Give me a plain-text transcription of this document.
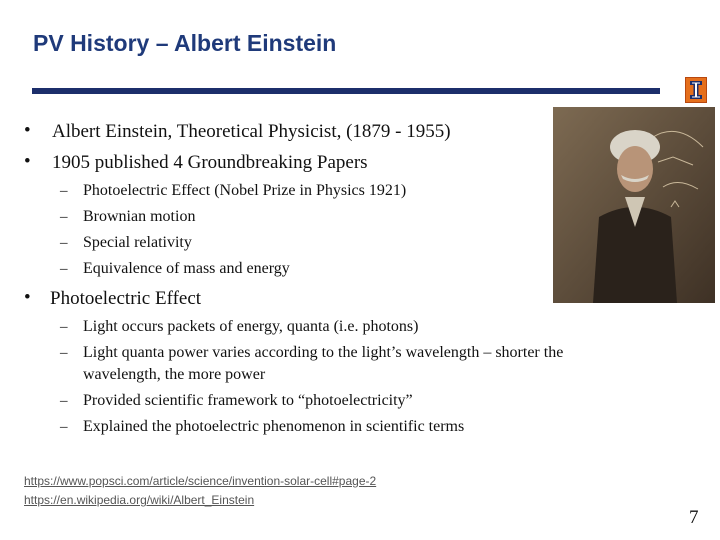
PV History – Albert Einstein
• Albert Einstein, Theoretical Physicist, (1879 - 1955)
• 1905 published 4 Groundbreaking Papers
– Photoelectric Effect (Nobel Prize in Physics 1921)
– Brownian motion
– Special relativity
– Equivalence of mass and energy
• Photoelectric Effect
– Light occurs packets of energy, quanta (i.e. photons)
– Light quanta power varies according to the light’s wavelength – shorter the
wavelength, the more power
– Provided scientific framework to “photoelectricity”
– Explained the photoelectric phenomenon in scientific terms
https://www.popsci.com/article/science/invention-solar-cell#page-2
https://en.wikipedia.org/wiki/Albert_Einstein
7
